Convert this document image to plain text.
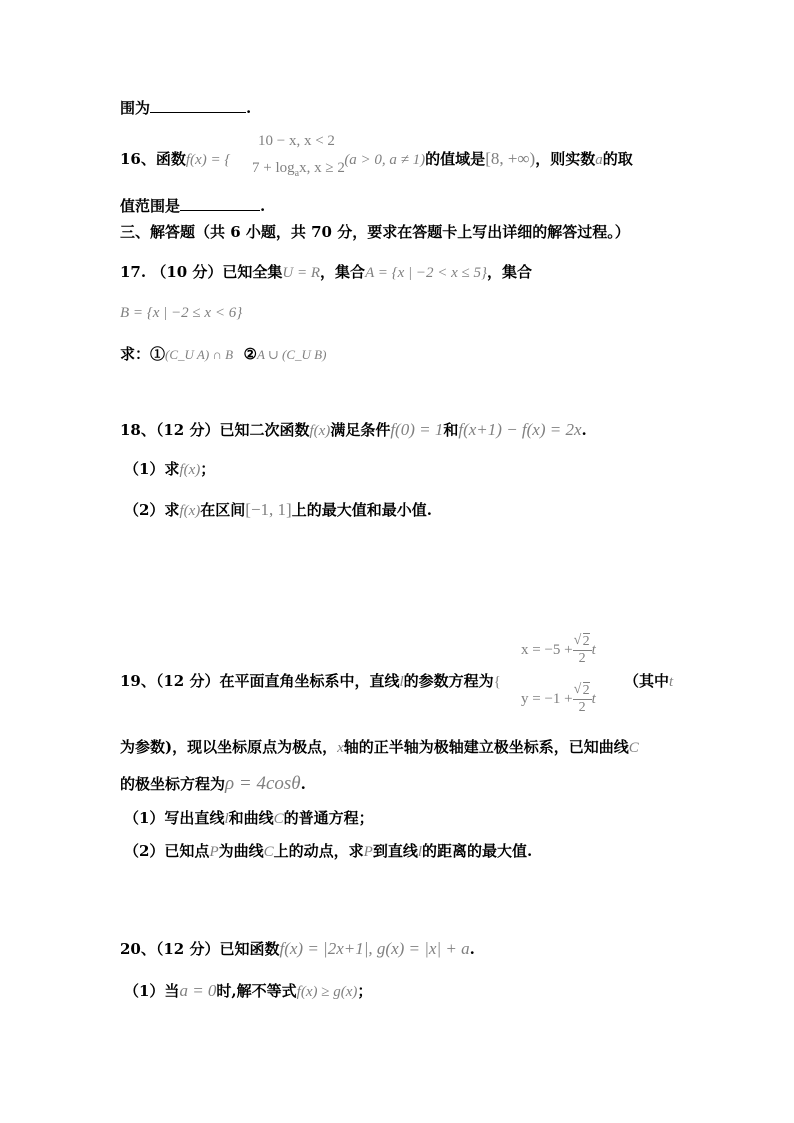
围为	.
10 − x, x < 2
$7 + \log_ax$, x ≥ 2
16、函数f(x) = {	(a > 0, a ≠ 1)的值域是[8, +∞)，则实数a的取
值范围是	.
三、解答题（共 6 小题，共 70 分，要求在答题卡上写出详细的解答过程。）
17. （10 分）已知全集U = R，集合A = {x | −2 < x ≤ 5}，集合
B = {x | −2 ≤ x < 6}
求：①(C_U A) ∩ B ②A ∪ (C_U B)
18、（12 分）已知二次函数f(x)满足条件f(0) = 1和f(x+1) − f(x) = 2x.
（1）求f(x)；
（2）求f(x)在区间[−1, 1]上的最大值和最小值.
x = −5 + √ $\frac{2}{2}$ t
y = −1 + √ $\frac{2}{2}$ t
19、（12 分）在平面直角坐标系中，直线l的参数方程为{	（其中t
为参数)，现以坐标原点为极点，x轴的正半轴为极轴建立极坐标系，已知曲线C
的极坐标方程为ρ = 4cosθ.
（1）写出直线l和曲线C的普通方程；
（2）已知点P为曲线C上的动点，求P到直线l的距离的最大值.
20、（12 分）已知函数f(x) = |2x+1|, g(x) = |x| + a.
（1）当a = 0时,解不等式f(x) ≥ g(x)；
